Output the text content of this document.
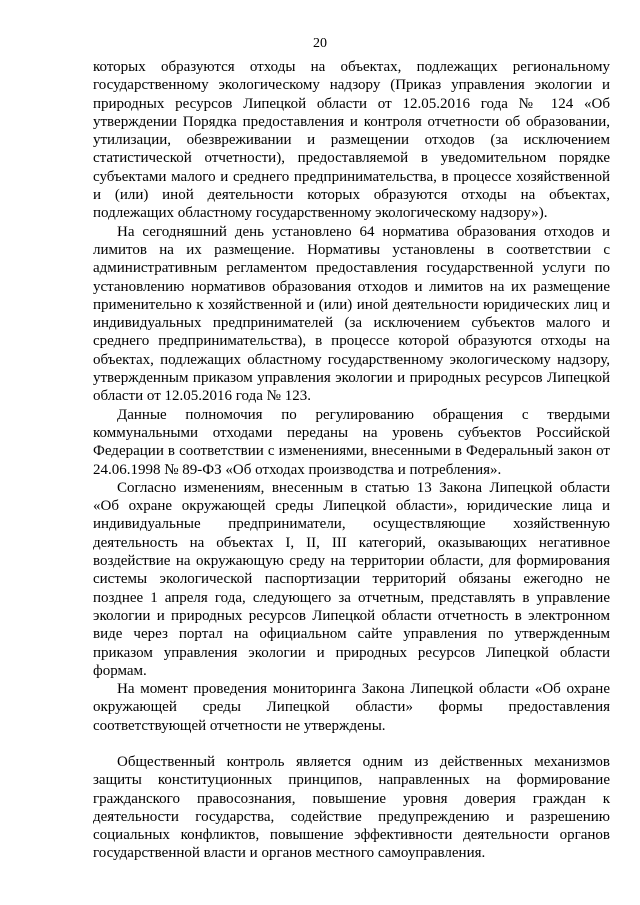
20

которых образуются отходы на объектах, подлежащих региональному государственному экологическому надзору (Приказ управления экологии и природных ресурсов Липецкой области от 12.05.2016 года № 124 «Об утверждении Порядка предоставления и контроля отчетности об образовании, утилизации, обезвреживании и размещении отходов (за исключением статистической отчетности), предоставляемой в уведомительном порядке субъектами малого и среднего предпринимательства, в процессе хозяйственной и (или) иной деятельности которых образуются отходы на объектах, подлежащих областному государственному экологическому надзору»).

На сегодняшний день установлено 64 норматива образования отходов и лимитов на их размещение. Нормативы установлены в соответствии с административным регламентом предоставления государственной услуги по установлению нормативов образования отходов и лимитов на их размещение применительно к хозяйственной и (или) иной деятельности юридических лиц и индивидуальных предпринимателей (за исключением субъектов малого и среднего предпринимательства), в процессе которой образуются отходы на объектах, подлежащих областному государственному экологическому надзору, утвержденным приказом управления экологии и природных ресурсов Липецкой области от 12.05.2016 года № 123.

Данные полномочия по регулированию обращения с твердыми коммунальными отходами переданы на уровень субъектов Российской Федерации в соответствии с изменениями, внесенными в Федеральный закон от 24.06.1998 № 89-ФЗ «Об отходах производства и потребления».

Согласно изменениям, внесенным в статью 13 Закона Липецкой области «Об охране окружающей среды Липецкой области», юридические лица и индивидуальные предприниматели, осуществляющие хозяйственную деятельность на объектах I, II, III категорий, оказывающих негативное воздействие на окружающую среду на территории области, для формирования системы экологической паспортизации территорий обязаны ежегодно не позднее 1 апреля года, следующего за отчетным, представлять в управление экологии и природных ресурсов Липецкой области отчетность в электронном виде через портал на официальном сайте управления по утвержденным приказом управления экологии и природных ресурсов Липецкой области формам.

На момент проведения мониторинга Закона Липецкой области «Об охране окружающей среды Липецкой области» формы предоставления соответствующей отчетности не утверждены.

Общественный контроль является одним из действенных механизмов защиты конституционных принципов, направленных на формирование гражданского правосознания, повышение уровня доверия граждан к деятельности государства, содействие предупреждению и разрешению социальных конфликтов, повышение эффективности деятельности органов государственной власти и органов местного самоуправления.
